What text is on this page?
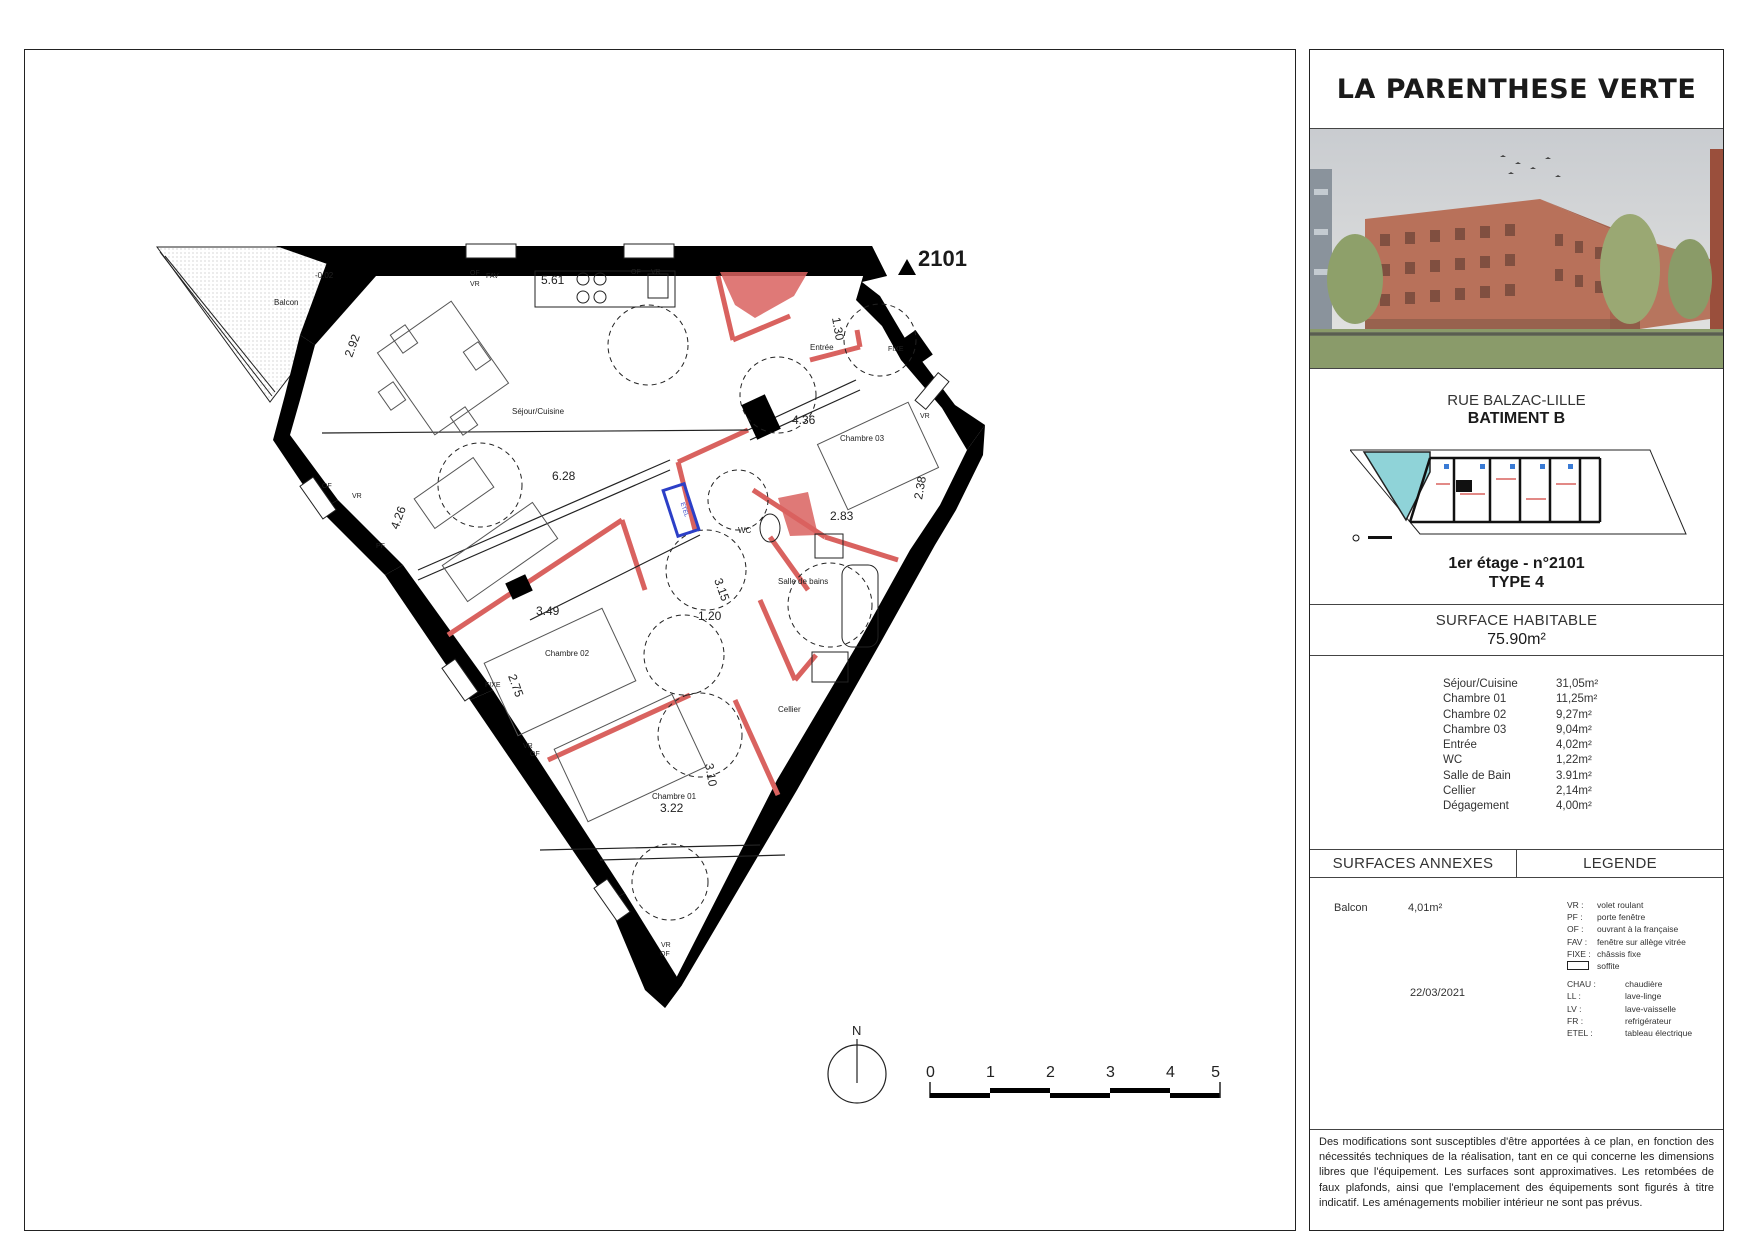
Balcon
-0.02
Séjour/Cuisine
Entrée
Chambre 03
Chambre 02
Chambre 01
WC
Salle de bains
Cellier
ETEL
5.61
2.92
4.26
6.28
1.30
4.36
2.38
2.83
3.49
3.15
1.20
2.75
3.10
3.22
OF
VR
FAV
OF VR
FIXE
VR
OF
VR
PF
FIXE
VR
OF
VR
OF
2101
N
0	1	2	3	4 5
LA PARENTHESE VERTE
RUE BALZAC-LILLE
BATIMENT B
1er étage - n°2101
TYPE 4
SURFACE HABITABLE
75.90m²
Séjour/Cuisine	31,05m²
Chambre 01	11,25m²
Chambre 02	9,27m²
Chambre 03	9,04m²
Entrée	4,02m²
WC	1,22m²
Salle de Bain	3.91m²
Cellier	2,14m²
Dégagement	4,00m²
SURFACES ANNEXES	LEGENDE
Balcon	4,01m²
22/03/2021
VR :	volet roulant
PF :	porte fenêtre
OF :	ouvrant à la française
FAV :	fenêtre sur allège vitrée
FIXE : châssis fixe
soffite
CHAU :	chaudière
LL :	lave-linge
LV :	lave-vaisselle
FR :	refrigérateur
ETEL :	tableau électrique
Des modifications sont susceptibles d'être apportées à ce plan, en fonction des nécessités techniques de la réalisation, tant en ce qui concerne les dimensions libres que l'équipement. Les surfaces sont approximatives. Les retombées de faux plafonds, ainsi que l'emplacement des équipements sont figurés à titre indicatif. Les aménagements mobilier intérieur ne sont pas prévus.
